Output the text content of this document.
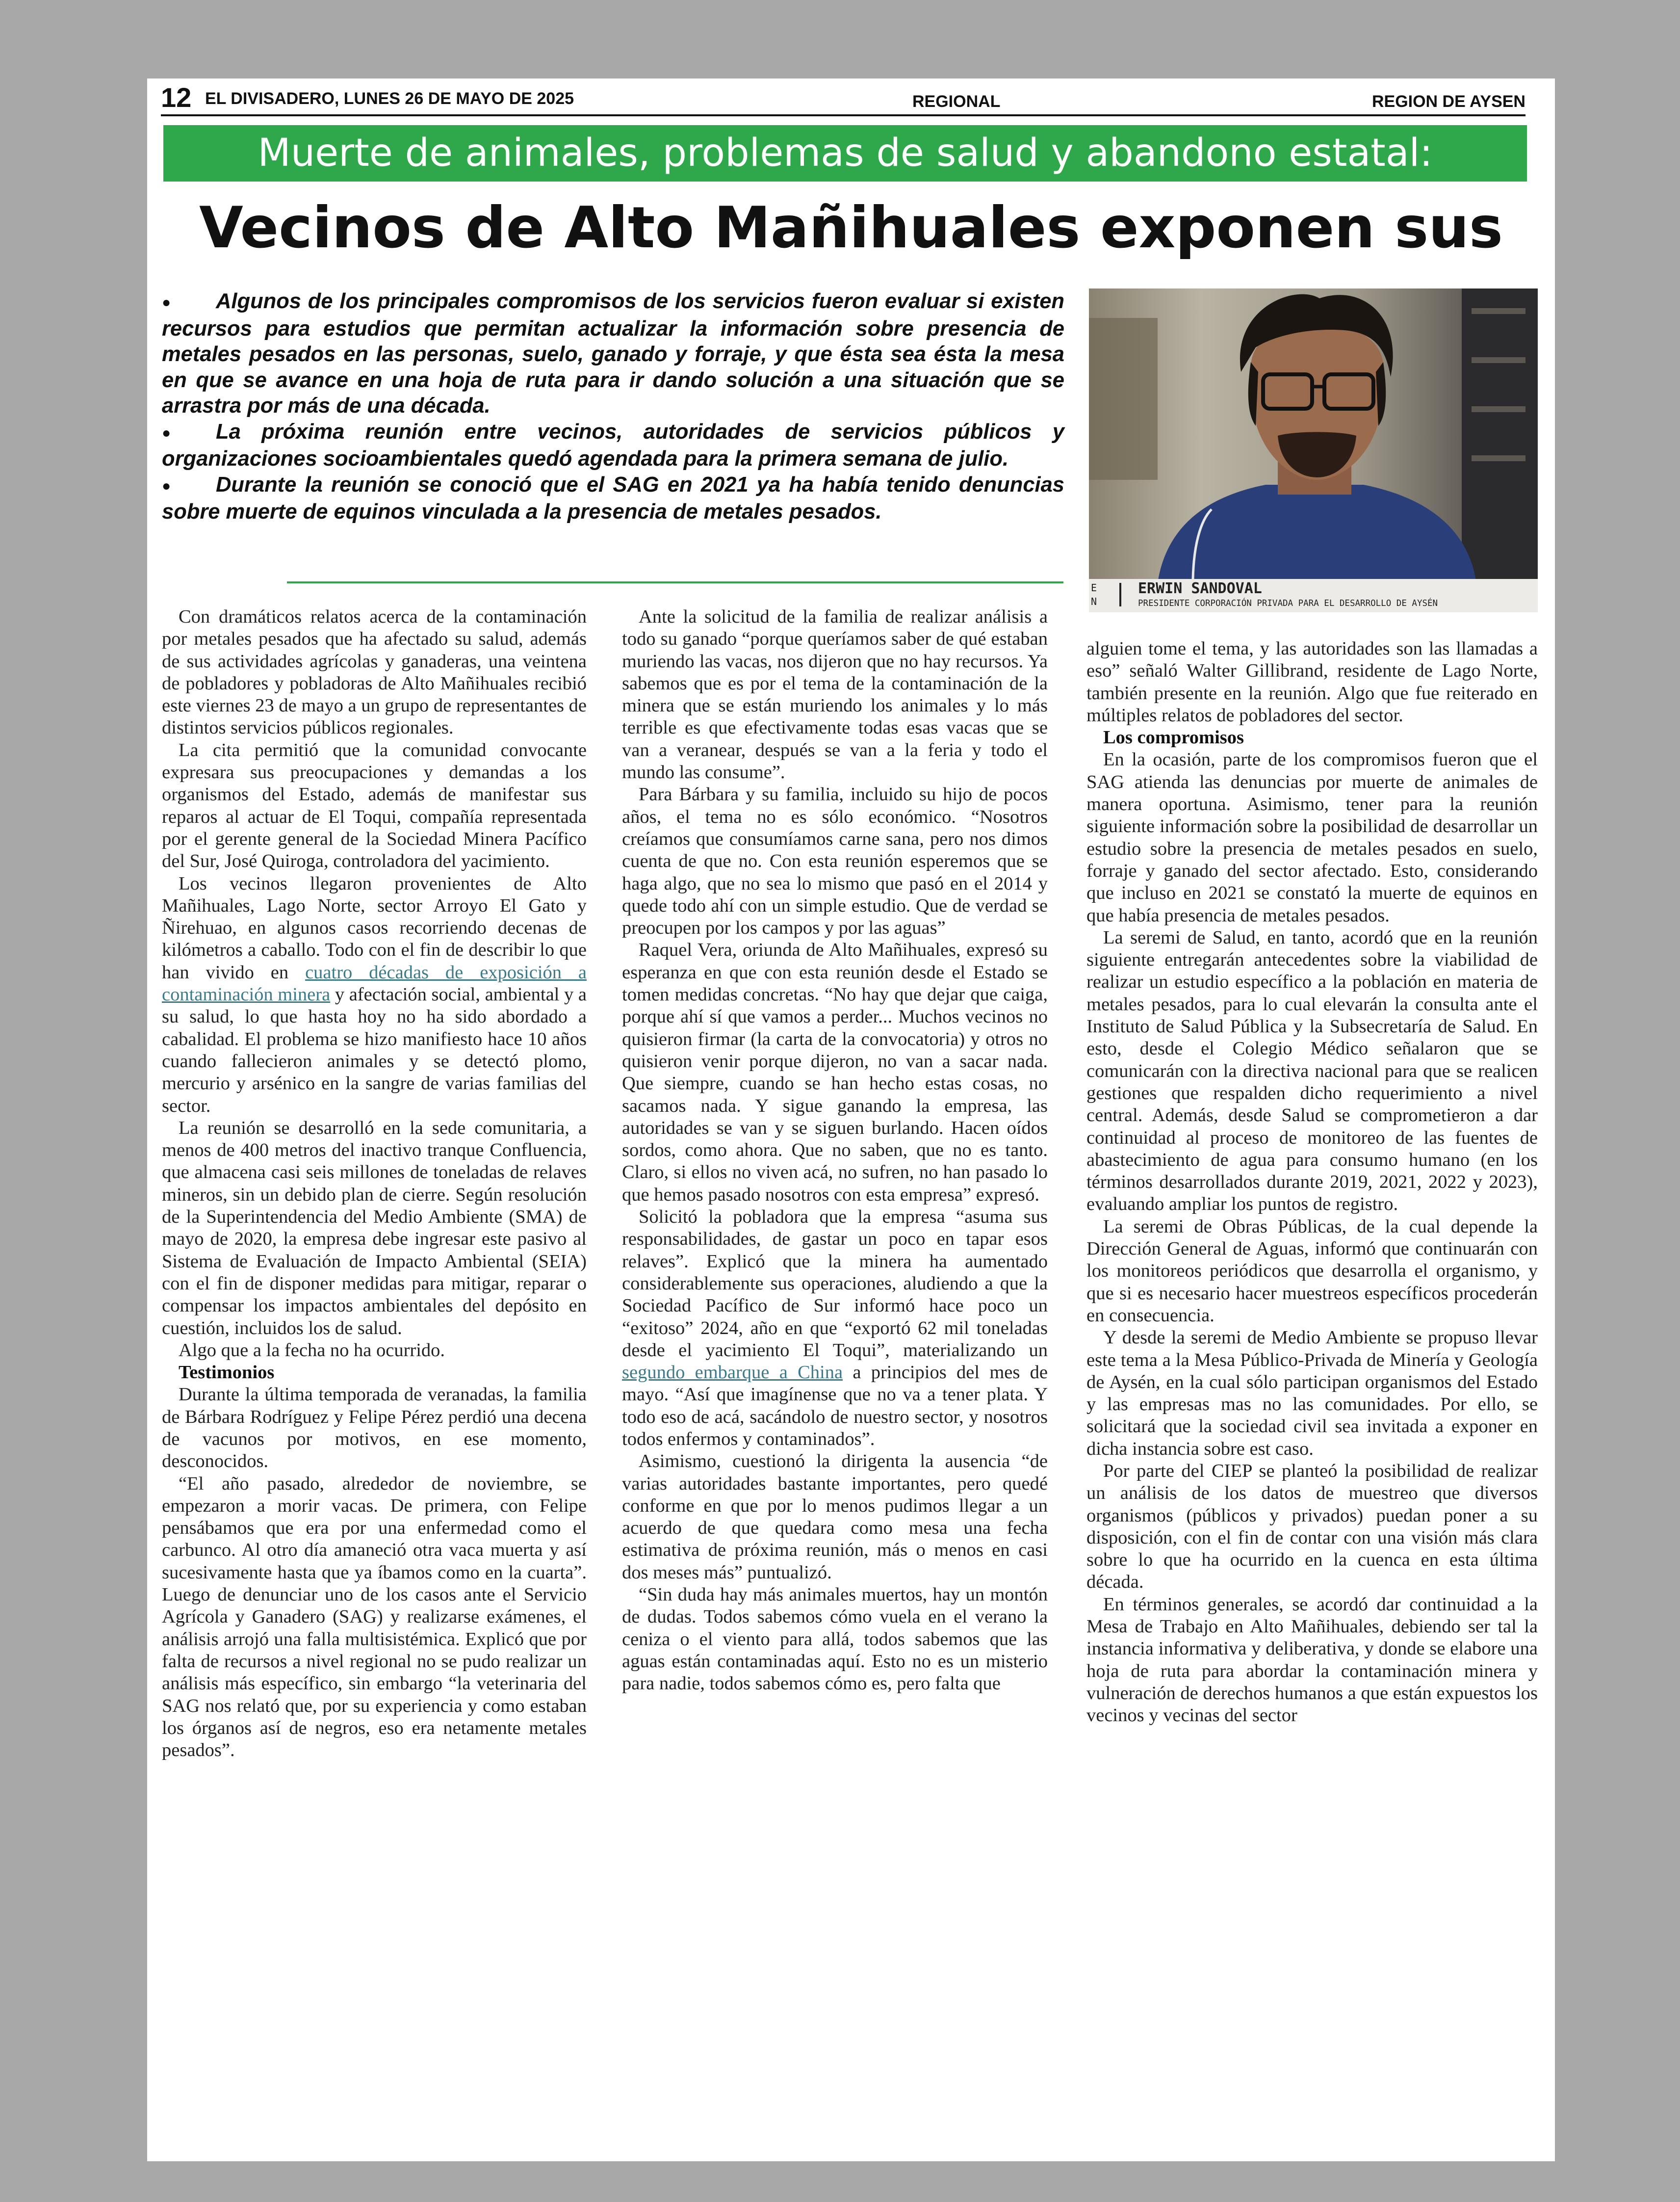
12 EL DIVISADERO, LUNES 26 DE MAYO DE 2025	REGIONAL	REGION DE AYSEN
Muerte de animales, problemas de salud y abandono estatal:
Vecinos de Alto Mañihuales exponen sus

● Algunos de los principales compromisos de los servicios fueron evaluar si existen recursos para estudios que permitan actualizar la información sobre presencia de metales pesados en las personas, suelo, ganado y forraje, y que ésta sea ésta la mesa en que se avance en una hoja de ruta para ir dando solución a una situación que se arrastra por más de una década.

● La próxima reunión entre vecinos, autoridades de servicios públicos y organizaciones socioambientales quedó agendada para la primera semana de julio.

● Durante la reunión se conoció que el SAG en 2021 ya ha había tenido denuncias sobre muerte de equinos vinculada a la presencia de metales pesados.

E
N
ERWIN SANDOVAL
PRESIDENTE CORPORACIÓN PRIVADA PARA EL DESARROLLO DE AYSÉN

Con dramáticos relatos acerca de la contaminación por metales pesados que ha afectado su salud, además de sus actividades agrícolas y ganaderas, una veintena de pobladores y pobladoras de Alto Mañihuales recibió este viernes 23 de mayo a un grupo de representantes de distintos servicios públicos regionales.

La cita permitió que la comunidad convocante expresara sus preocupaciones y demandas a los organismos del Estado, además de manifestar sus reparos al actuar de El Toqui, compañía representada por el gerente general de la Sociedad Minera Pacífico del Sur, José Quiroga, controladora del yacimiento.

Los vecinos llegaron provenientes de Alto Mañihuales, Lago Norte, sector Arroyo El Gato y Ñirehuao, en algunos casos recorriendo decenas de kilómetros a caballo. Todo con el fin de describir lo que han vivido en cuatro décadas de exposición a contaminación minera y afectación social, ambiental y a su salud, lo que hasta hoy no ha sido abordado a cabalidad. El problema se hizo manifiesto hace 10 años cuando fallecieron animales y se detectó plomo, mercurio y arsénico en la sangre de varias familias del sector.

La reunión se desarrolló en la sede comunitaria, a menos de 400 metros del inactivo tranque Confluencia, que almacena casi seis millones de toneladas de relaves mineros, sin un debido plan de cierre. Según resolución de la Superintendencia del Medio Ambiente (SMA) de mayo de 2020, la empresa debe ingresar este pasivo al Sistema de Evaluación de Impacto Ambiental (SEIA) con el fin de disponer medidas para mitigar, reparar o compensar los impactos ambientales del depósito en cuestión, incluidos los de salud.

Algo que a la fecha no ha ocurrido.

Testimonios

Durante la última temporada de veranadas, la familia de Bárbara Rodríguez y Felipe Pérez perdió una decena de vacunos por motivos, en ese momento, desconocidos.

“El año pasado, alrededor de noviembre, se empezaron a morir vacas. De primera, con Felipe pensábamos que era por una enfermedad como el carbunco. Al otro día amaneció otra vaca muerta y así sucesivamente hasta que ya íbamos como en la cuarta”. Luego de denunciar uno de los casos ante el Servicio Agrícola y Ganadero (SAG) y realizarse exámenes, el análisis arrojó una falla multisistémica. Explicó que por falta de recursos a nivel regional no se pudo realizar un análisis más específico, sin embargo “la veterinaria del SAG nos relató que, por su experiencia y como estaban los órganos así de negros, eso era netamente metales pesados”.

Ante la solicitud de la familia de realizar análisis a todo su ganado “porque queríamos saber de qué estaban muriendo las vacas, nos dijeron que no hay recursos. Ya sabemos que es por el tema de la contaminación de la minera que se están muriendo los animales y lo más terrible es que efectivamente todas esas vacas que se van a veranear, después se van a la feria y todo el mundo las consume”.

Para Bárbara y su familia, incluido su hijo de pocos años, el tema no es sólo económico. “Nosotros creíamos que consumíamos carne sana, pero nos dimos cuenta de que no. Con esta reunión esperemos que se haga algo, que no sea lo mismo que pasó en el 2014 y quede todo ahí con un simple estudio. Que de verdad se preocupen por los campos y por las aguas”

Raquel Vera, oriunda de Alto Mañihuales, expresó su esperanza en que con esta reunión desde el Estado se tomen medidas concretas. “No hay que dejar que caiga, porque ahí sí que vamos a perder... Muchos vecinos no quisieron firmar (la carta de la convocatoria) y otros no quisieron venir porque dijeron, no van a sacar nada. Que siempre, cuando se han hecho estas cosas, no sacamos nada. Y sigue ganando la empresa, las autoridades se van y se siguen burlando. Hacen oídos sordos, como ahora. Que no saben, que no es tanto. Claro, si ellos no viven acá, no sufren, no han pasado lo que hemos pasado nosotros con esta empresa” expresó.

Solicitó la pobladora que la empresa “asuma sus responsabilidades, de gastar un poco en tapar esos relaves”. Explicó que la minera ha aumentado considerablemente sus operaciones, aludiendo a que la Sociedad Pacífico de Sur informó hace poco un “exitoso” 2024, año en que “exportó 62 mil toneladas desde el yacimiento El Toqui”, materializando un segundo embarque a China a principios del mes de mayo. “Así que imagínense que no va a tener plata. Y todo eso de acá, sacándolo de nuestro sector, y nosotros todos enfermos y contaminados”.

Asimismo, cuestionó la dirigenta la ausencia “de varias autoridades bastante importantes, pero quedé conforme en que por lo menos pudimos llegar a un acuerdo de que quedara como mesa una fecha estimativa de próxima reunión, más o menos en casi dos meses más” puntualizó.

“Sin duda hay más animales muertos, hay un montón de dudas. Todos sabemos cómo vuela en el verano la ceniza o el viento para allá, todos sabemos que las aguas están contaminadas aquí. Esto no es un misterio para nadie, todos sabemos cómo es, pero falta que

alguien tome el tema, y las autoridades son las llamadas a eso” señaló Walter Gillibrand, residente de Lago Norte, también presente en la reunión. Algo que fue reiterado en múltiples relatos de pobladores del sector.

Los compromisos

En la ocasión, parte de los compromisos fueron que el SAG atienda las denuncias por muerte de animales de manera oportuna. Asimismo, tener para la reunión siguiente información sobre la posibilidad de desarrollar un estudio sobre la presencia de metales pesados en suelo, forraje y ganado del sector afectado. Esto, considerando que incluso en 2021 se constató la muerte de equinos en que había presencia de metales pesados.

La seremi de Salud, en tanto, acordó que en la reunión siguiente entregarán antecedentes sobre la viabilidad de realizar un estudio específico a la población en materia de metales pesados, para lo cual elevarán la consulta ante el Instituto de Salud Pública y la Subsecretaría de Salud. En esto, desde el Colegio Médico señalaron que se comunicarán con la directiva nacional para que se realicen gestiones que respalden dicho requerimiento a nivel central. Además, desde Salud se comprometieron a dar continuidad al proceso de monitoreo de las fuentes de abastecimiento de agua para consumo humano (en los términos desarrollados durante 2019, 2021, 2022 y 2023), evaluando ampliar los puntos de registro.

La seremi de Obras Públicas, de la cual depende la Dirección General de Aguas, informó que continuarán con los monitoreos periódicos que desarrolla el organismo, y que si es necesario hacer muestreos específicos procederán en consecuencia.

Y desde la seremi de Medio Ambiente se propuso llevar este tema a la Mesa Público-Privada de Minería y Geología de Aysén, en la cual sólo participan organismos del Estado y las empresas mas no las comunidades. Por ello, se solicitará que la sociedad civil sea invitada a exponer en dicha instancia sobre est caso.

Por parte del CIEP se planteó la posibilidad de realizar un análisis de los datos de muestreo que diversos organismos (públicos y privados) puedan poner a su disposición, con el fin de contar con una visión más clara sobre lo que ha ocurrido en la cuenca en esta última década.

En términos generales, se acordó dar continuidad a la Mesa de Trabajo en Alto Mañihuales, debiendo ser tal la instancia informativa y deliberativa, y donde se elabore una hoja de ruta para abordar la contaminación minera y vulneración de derechos humanos a que están expuestos los vecinos y vecinas del sector
